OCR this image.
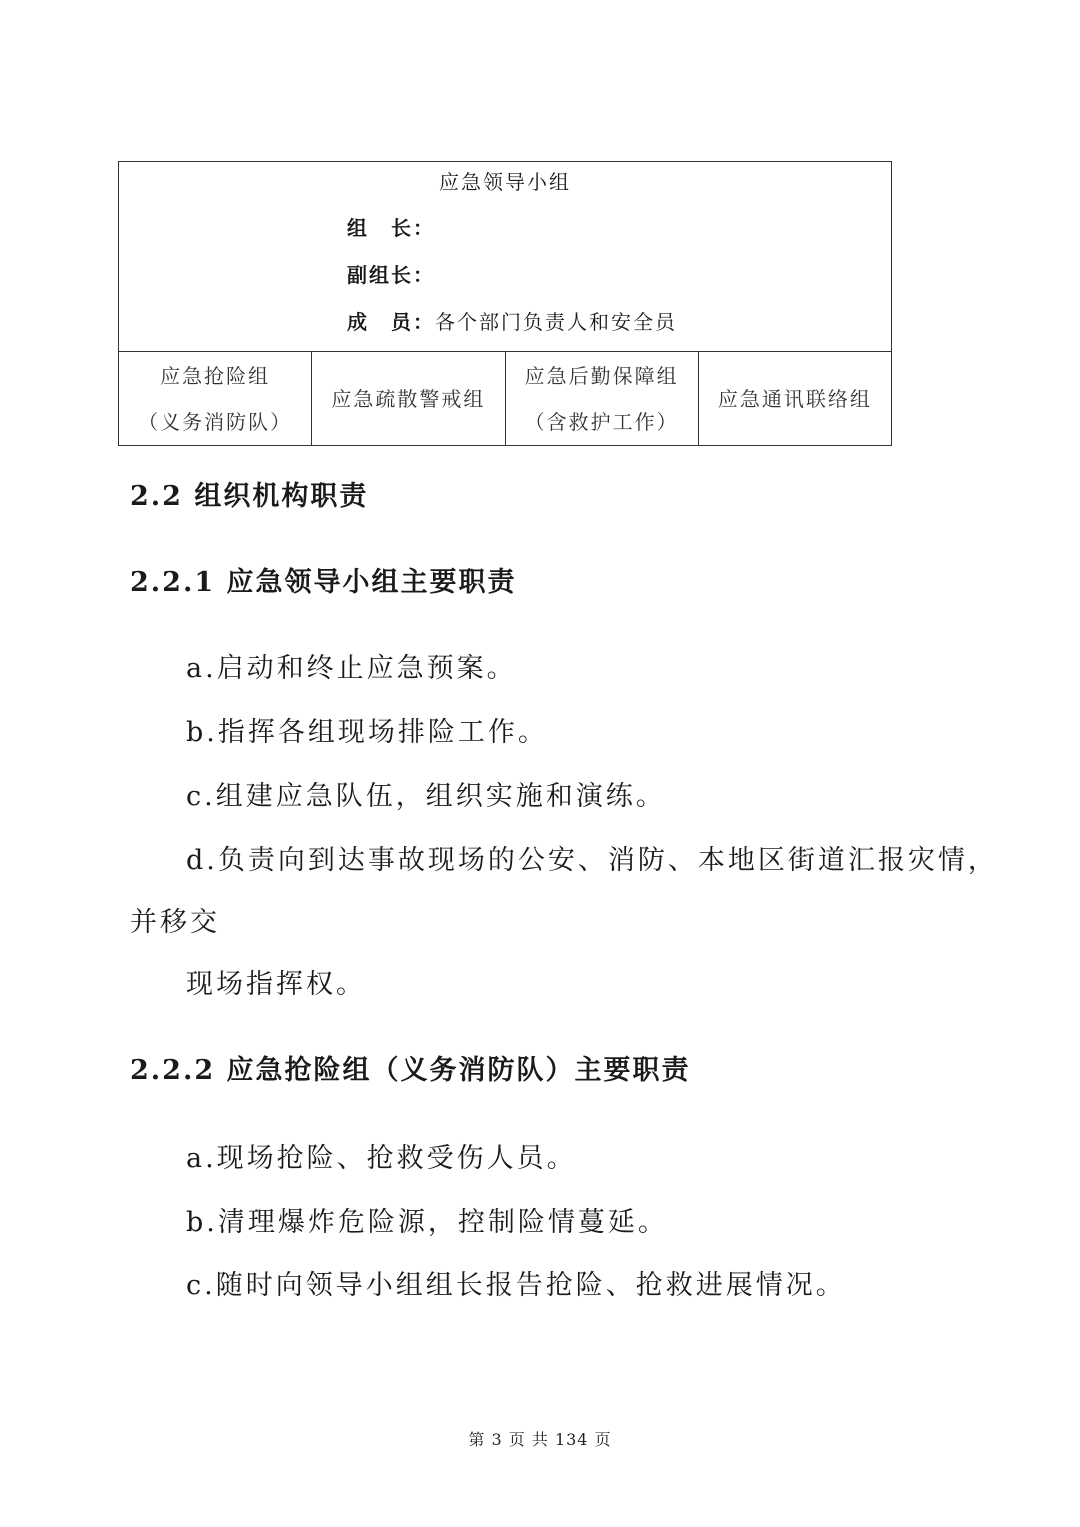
应急领导小组
组　长：
副组长：
成　员：各个部门负责人和安全员
应急抢险组
（义务消防队）
应急疏散警戒组
应急后勤保障组
（含救护工作）
应急通讯联络组
2.2 组织机构职责
2.2.1 应急领导小组主要职责
a.启动和终止应急预案。
b.指挥各组现场排险工作。
c.组建应急队伍，组织实施和演练。
d.负责向到达事故现场的公安、消防、本地区街道汇报灾情，
并移交
现场指挥权。
2.2.2 应急抢险组（义务消防队）主要职责
a.现场抢险、抢救受伤人员。
b.清理爆炸危险源，控制险情蔓延。
c.随时向领导小组组长报告抢险、抢救进展情况。
第 3 页 共 134 页
